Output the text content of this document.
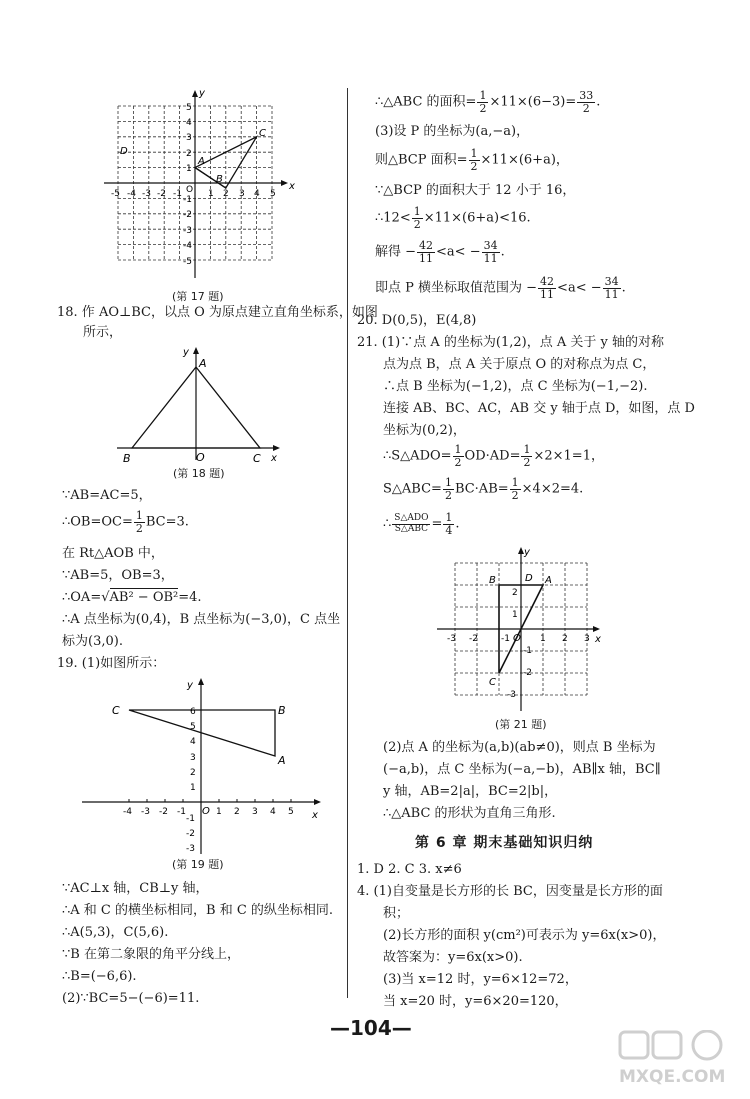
x
y
O
A
B
C
D
-5 -4 -3 -2 -1	1 2 3 4 5
5
4
3
2
1
-1
-2
-3
-4
-5
(第 17 题)
18. 作 AO⊥BC，以点 O 为原点建立直角坐标系，如图
所示，
A
B	C
O	x
y
(第 18 题)
∵AB=AC=5，
∴OB=OC= $\frac{1}{2} BC=3$.
在 Rt△AOB 中，
∵AB=5，OB=3，
∴OA=√AB² − OB²=4.
∴A 点坐标为(0,4)，B 点坐标为(−3,0)，C 点坐
标为(3,0).
19. (1)如图所示：
C	B
A
O	x
y
-4 -3 -2 -1	1 2 3 4 5
6
5
4
3
2
1
-1
-2
-3
(第 19 题)
∵AC⊥x 轴，CB⊥y 轴，
∴A 和 C 的横坐标相同，B 和 C 的纵坐标相同.
∴A(5,3)，C(5,6).
∵B 在第二象限的角平分线上，
∴B=(−6,6).
(2)∵BC=5−(−6)=11.
∴△ABC 的面积= $\frac{1}{2} \times 11\times(6-3)= \frac{33}{2}$ .
(3)设 P 的坐标为(a,−a)，
则△BCP 面积= $\frac{1}{2} \times 11\times(6+a)$，
∵△BCP 的面积大于 12 小于 16，
∴12< $\frac{1}{2} \times 11\times(6+a)<16$.
解得 − $\frac{42}{11} <a< - \frac{34}{11}$ .
即点 P 横坐标取值范围为 − $\frac{42}{11} <a< - \frac{34}{11}$ .
20. D(0,5)，E(4,8)
21. (1)∵点 A 的坐标为(1,2)，点 A 关于 y 轴的对称
点为点 B，点 A 关于原点 O 的对称点为点 C，
∴点 B 坐标为(−1,2)，点 C 坐标为(−1,−2).
连接 AB、BC、AC，AB 交 y 轴于点 D，如图，点 D
坐标为(0,2)，
∴S△ADO= $\frac{1}{2} OD\cdot AD= \frac{1}{2} \times 2\times 1=1$，
S△ABC= $\frac{1}{2} BC\cdot AB= \frac{1}{2} \times 4\times 2=4$.
∴ $\frac{\text{S△ADO}}{\text{S△ABC}} = \frac{1}{4}$ .
B	D A
C
O	x
y
-3 -2	-1	1 2 3
2
1
-1
-2
-3
(第 21 题)
(2)点 A 的坐标为(a,b)(ab≠0)，则点 B 坐标为
(−a,b)，点 C 坐标为(−a,−b)，AB∥x 轴，BC∥
y 轴，AB=2|a|，BC=2|b|，
∴△ABC 的形状为直角三角形.
第 6 章 期末基础知识归纳
1. D 2. C 3. x≠6
4. (1)自变量是长方形的长 BC，因变量是长方形的面
积；
(2)长方形的面积 y(cm²)可表示为 y=6x(x>0)，
故答案为：y=6x(x>0).
(3)当 x=12 时，y=6×12=72，
当 x=20 时，y=6×20=120，
—104—
MXQE.COM
